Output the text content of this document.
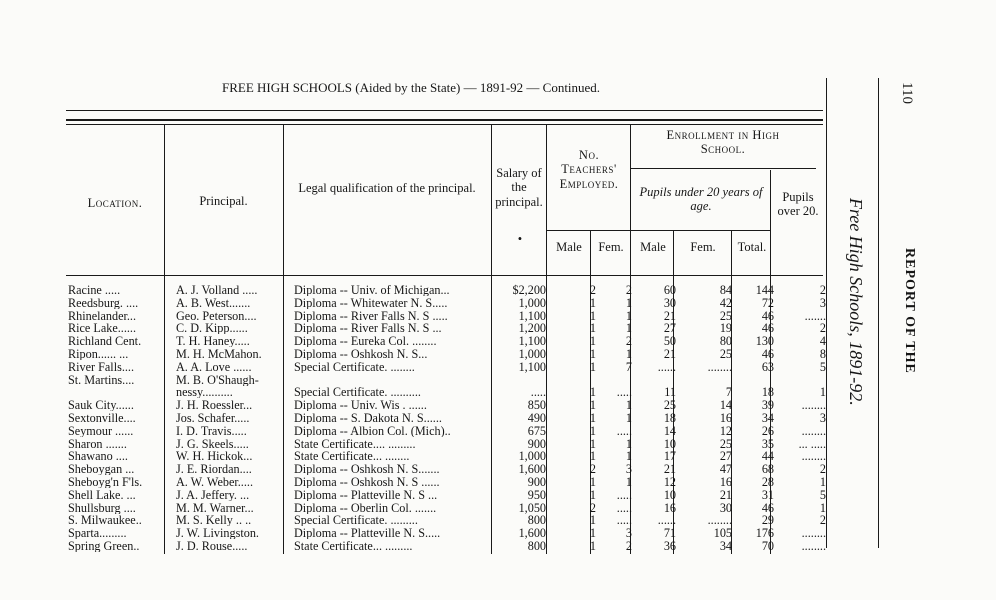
FREE HIGH SCHOOLS (Aided by the State) — 1891-92 — Continued.
Location.	Principal.
Legal qualification of the principal.
Salary of the principal.
•
No. Teachers' Employed.
Male	Fem.
Enrollment in High School.
Pupils under 20 years of age.
Male	Fem.	Total.
Pupils over 20.
Racine .....	A. J. Volland .....	Diploma -- Univ. of Michigan...	$2,200	2	2	60	84	144	2
Reedsburg. ....	A. B. West.......	Diploma -- Whitewater N. S.....	1,000	1	1	30	42	72	3
Rhinelander...	Geo. Peterson....	Diploma -- River Falls N. S .....	1,100	1	1	21	25	46	.......
Rice Lake......	C. D. Kipp......	Diploma -- River Falls N. S ...	1,200	1	1	27	19	46	2
Richland Cent.	T. H. Haney.....	Diploma -- Eureka Col. ........	1,100	1	2	50	80	130	4
Ripon...... ...	M. H. McMahon.	Diploma -- Oshkosh N. S...	1,000	1	1	21	25	46	8
River Falls....	A. A. Love ......	Special Certificate. ........	1,100	1	7	......	........	63	5
St. Martins....	M. B. O'Shaugh-
nessy..........	Special Certificate. ..........	.....	1	.....	11	7	18	1
Sauk City......	J. H. Roessler...	Diploma -- Univ. Wis . ......	850	1	1	25	14	39	........
Sextonville....	Jos. Schafer.....	Diploma -- S. Dakota N. S......	490	1	1	18	16	34	3
Seymour ......	I. D. Travis.....	Diploma -- Albion Col. (Mich)..	675	1	.....	14	12	26	........
Sharon .......	J. G. Skeels.....	State Certificate.... .........	900	1	1	10	25	35	... .....
Shawano ....	W. H. Hickok...	State Certificate... ........	1,000	1	1	17	27	44	........
Sheboygan ...	J. E. Riordan....	Diploma -- Oshkosh N. S.......	1,600	2	3	21	47	68	2
Sheboyg'n F'ls.	A. W. Weber.....	Diploma -- Oshkosh N. S ......	900	1	1	12	16	28	1
Shell Lake. ...	J. A. Jeffery. ...	Diploma -- Platteville N. S ...	950	1	.....	10	21	31	5
Shullsburg ....	M. M. Warner...	Diploma -- Oberlin Col. .......	1,050	2	.....	16	30	46	1
S. Milwaukee..	M. S. Kelly .. ..	Special Certificate. .........	800	1	.....	......	........	29	2
Sparta.........	J. W. Livingston.	Diploma -- Platteville N. S.....	1,600	1	3	71	105	176	........
Spring Green..	J. D. Rouse.....	State Certificate... .........	800	1	2	36	34	70	........
Free High Schools, 1891-92.	REPORT OF THE
110
